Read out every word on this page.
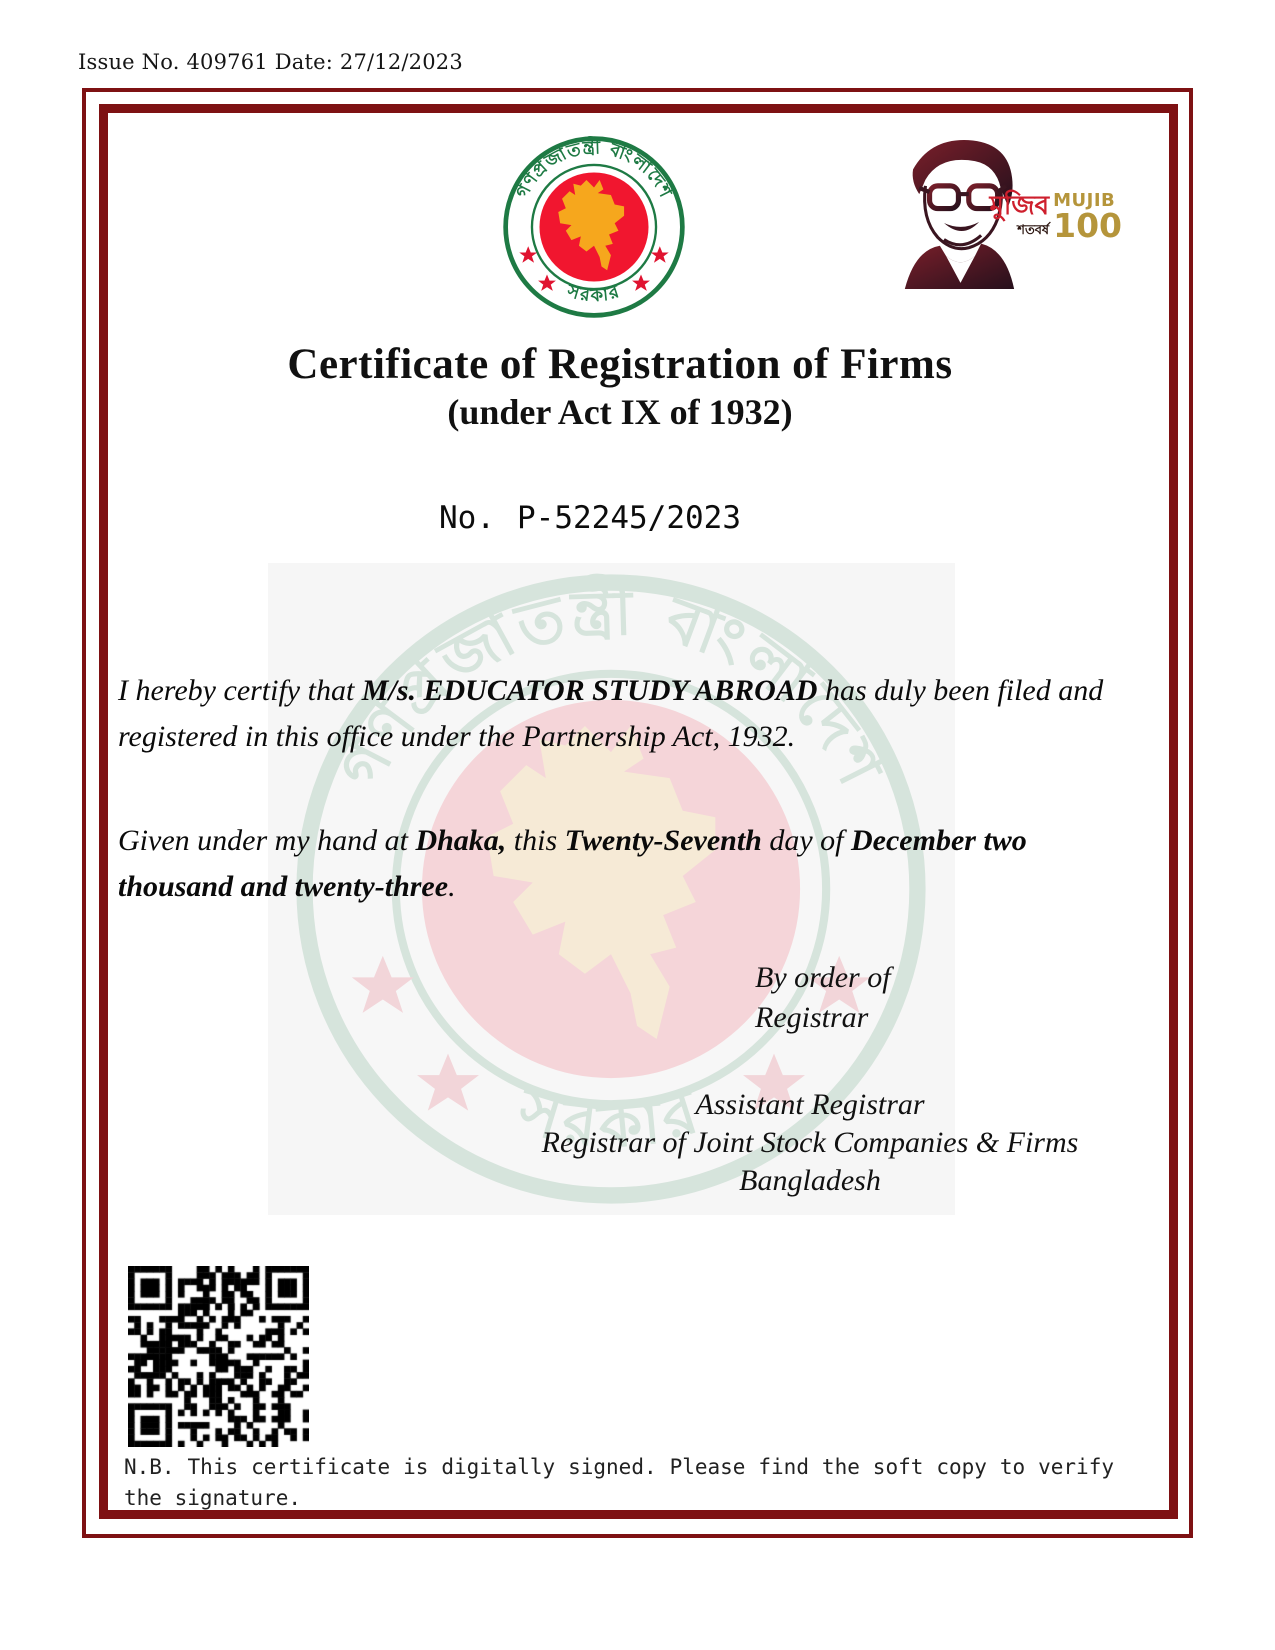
Issue No. 409761 Date: 27/12/2023
মুজিব
শতবর্ষ
MUJIB
100
Certificate of Registration of Firms
(under Act IX of 1932)
No. P-52245/2023
I hereby certify that M/s. EDUCATOR STUDY ABROAD has duly been filed and registered in this office under the Partnership Act, 1932.
Given under my hand at Dhaka, this Twenty-Seventh day of December two thousand and twenty-three.
By order of
Registrar
Assistant Registrar
Registrar of Joint Stock Companies & Firms
Bangladesh
N.B. This certificate is digitally signed. Please find the soft copy to verify the signature.
